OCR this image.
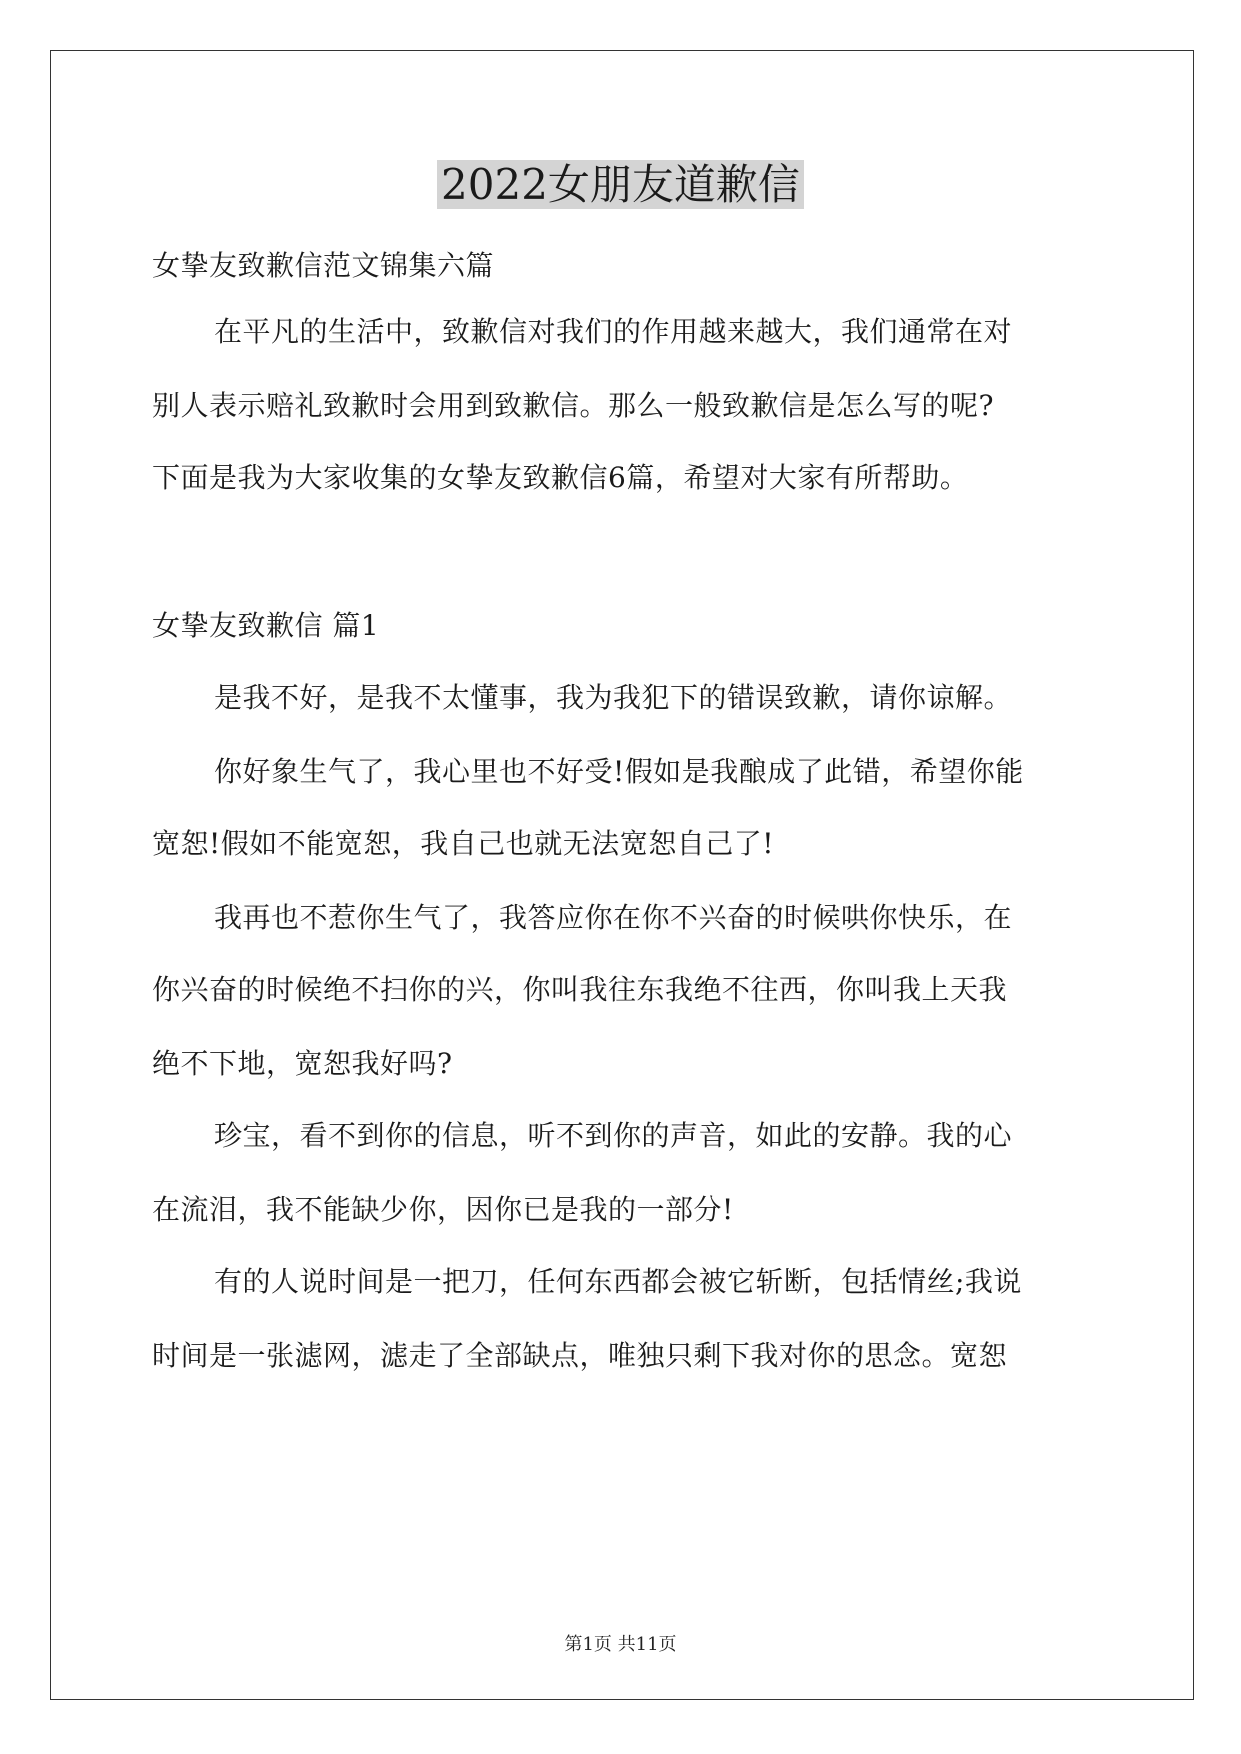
2022女朋友道歉信
女挚友致歉信范文锦集六篇
在平凡的生活中，致歉信对我们的作用越来越大，我们通常在对
别人表示赔礼致歉时会用到致歉信。那么一般致歉信是怎么写的呢?
下面是我为大家收集的女挚友致歉信6篇，希望对大家有所帮助。
女挚友致歉信 篇1
是我不好，是我不太懂事，我为我犯下的错误致歉，请你谅解。
你好象生气了，我心里也不好受!假如是我酿成了此错，希望你能
宽恕!假如不能宽恕，我自己也就无法宽恕自己了!
我再也不惹你生气了，我答应你在你不兴奋的时候哄你快乐，在
你兴奋的时候绝不扫你的兴，你叫我往东我绝不往西，你叫我上天我
绝不下地，宽恕我好吗?
珍宝，看不到你的信息，听不到你的声音，如此的安静。我的心
在流泪，我不能缺少你，因你已是我的一部分!
有的人说时间是一把刀，任何东西都会被它斩断，包括情丝;我说
时间是一张滤网，滤走了全部缺点，唯独只剩下我对你的思念。宽恕
第1页 共11页
